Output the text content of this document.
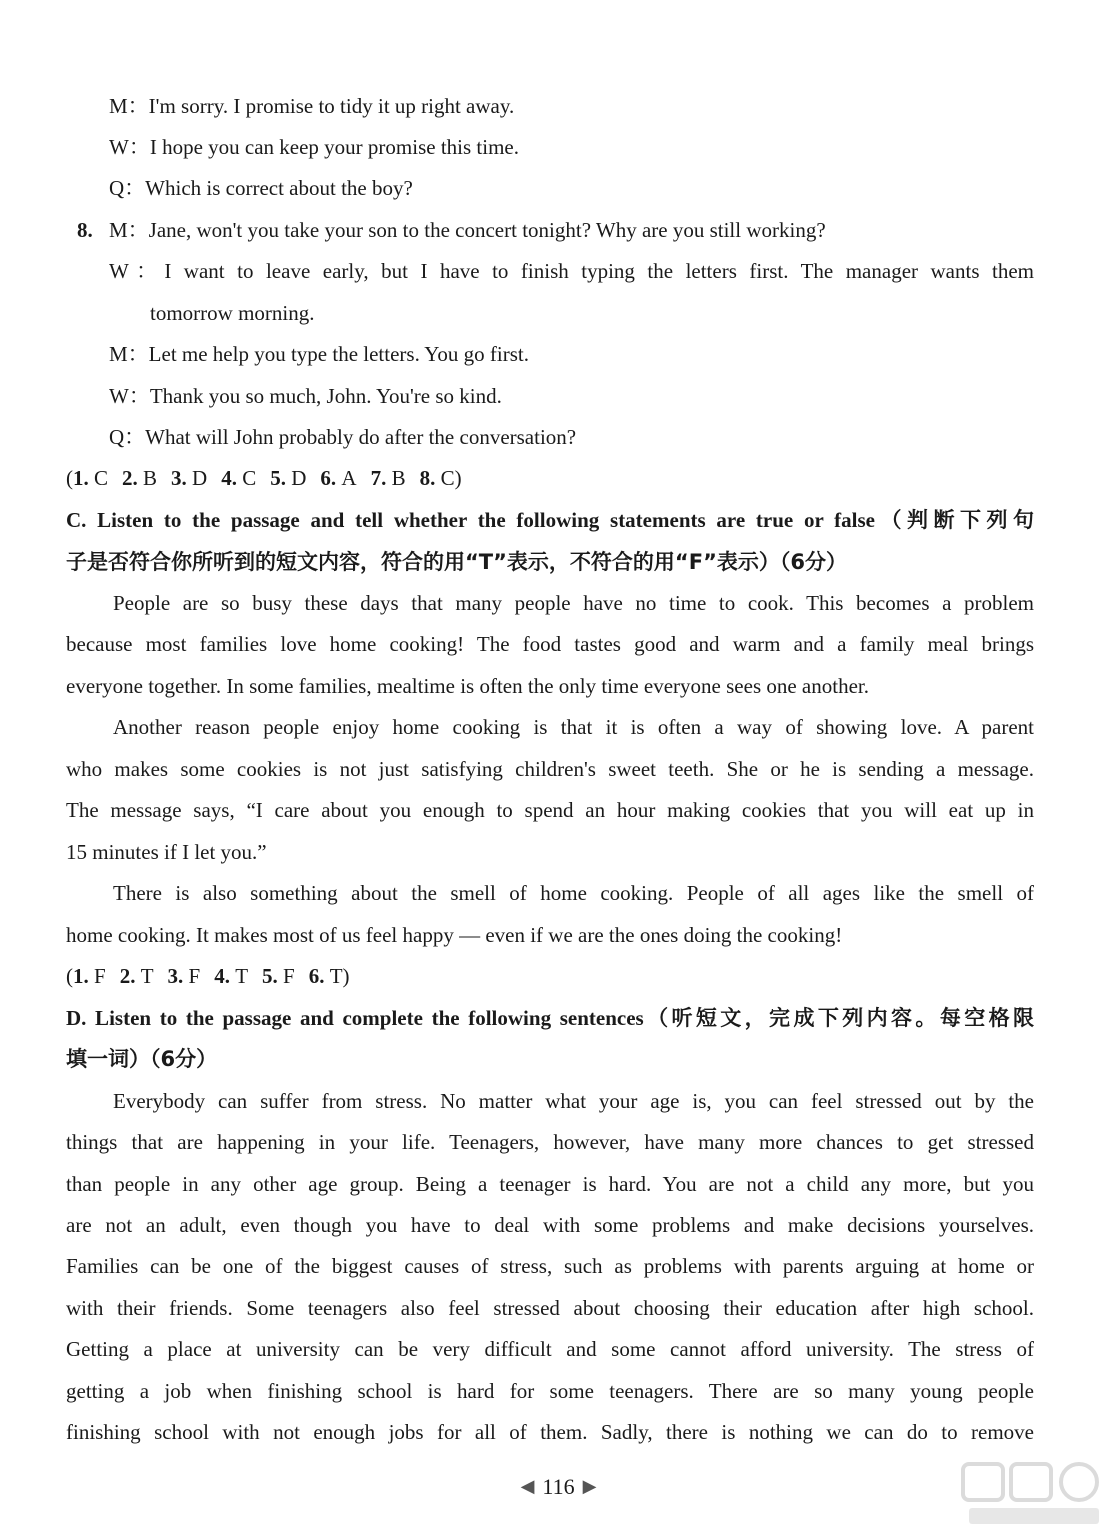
M：I'm sorry. I promise to tidy it up right away.
W：I hope you can keep your promise this time.
Q：Which is correct about the boy?
8. M：Jane, won't you take your son to the concert tonight? Why are you still working?
W：I want to leave early, but I have to finish typing the letters first. The manager wants them
tomorrow morning.
M：Let me help you type the letters. You go first.
W：Thank you so much, John. You're so kind.
Q：What will John probably do after the conversation?
(1. C 2. B 3. D 4. C 5. D 6. A 7. B 8. C)
C. Listen to the passage and tell whether the following statements are true or false（判断下列句
子是否符合你所听到的短文内容，符合的用“T”表示，不符合的用“F”表示）（6分）
People are so busy these days that many people have no time to cook. This becomes a problem
because most families love home cooking! The food tastes good and warm and a family meal brings
everyone together. In some families, mealtime is often the only time everyone sees one another.
Another reason people enjoy home cooking is that it is often a way of showing love. A parent
who makes some cookies is not just satisfying children's sweet teeth. She or he is sending a message.
The message says, “I care about you enough to spend an hour making cookies that you will eat up in
15 minutes if I let you.”
There is also something about the smell of home cooking. People of all ages like the smell of
home cooking. It makes most of us feel happy — even if we are the ones doing the cooking!
(1. F 2. T 3. F 4. T 5. F 6. T)
D. Listen to the passage and complete the following sentences（听短文，完成下列内容。每空格限
填一词）（6分）
Everybody can suffer from stress. No matter what your age is, you can feel stressed out by the
things that are happening in your life. Teenagers, however, have many more chances to get stressed
than people in any other age group. Being a teenager is hard. You are not a child any more, but you
are not an adult, even though you have to deal with some problems and make decisions yourselves.
Families can be one of the biggest causes of stress, such as problems with parents arguing at home or
with their friends. Some teenagers also feel stressed about choosing their education after high school.
Getting a place at university can be very difficult and some cannot afford university. The stress of
getting a job when finishing school is hard for some teenagers. There are so many young people
finishing school with not enough jobs for all of them. Sadly, there is nothing we can do to remove
◀ 116 ▶
